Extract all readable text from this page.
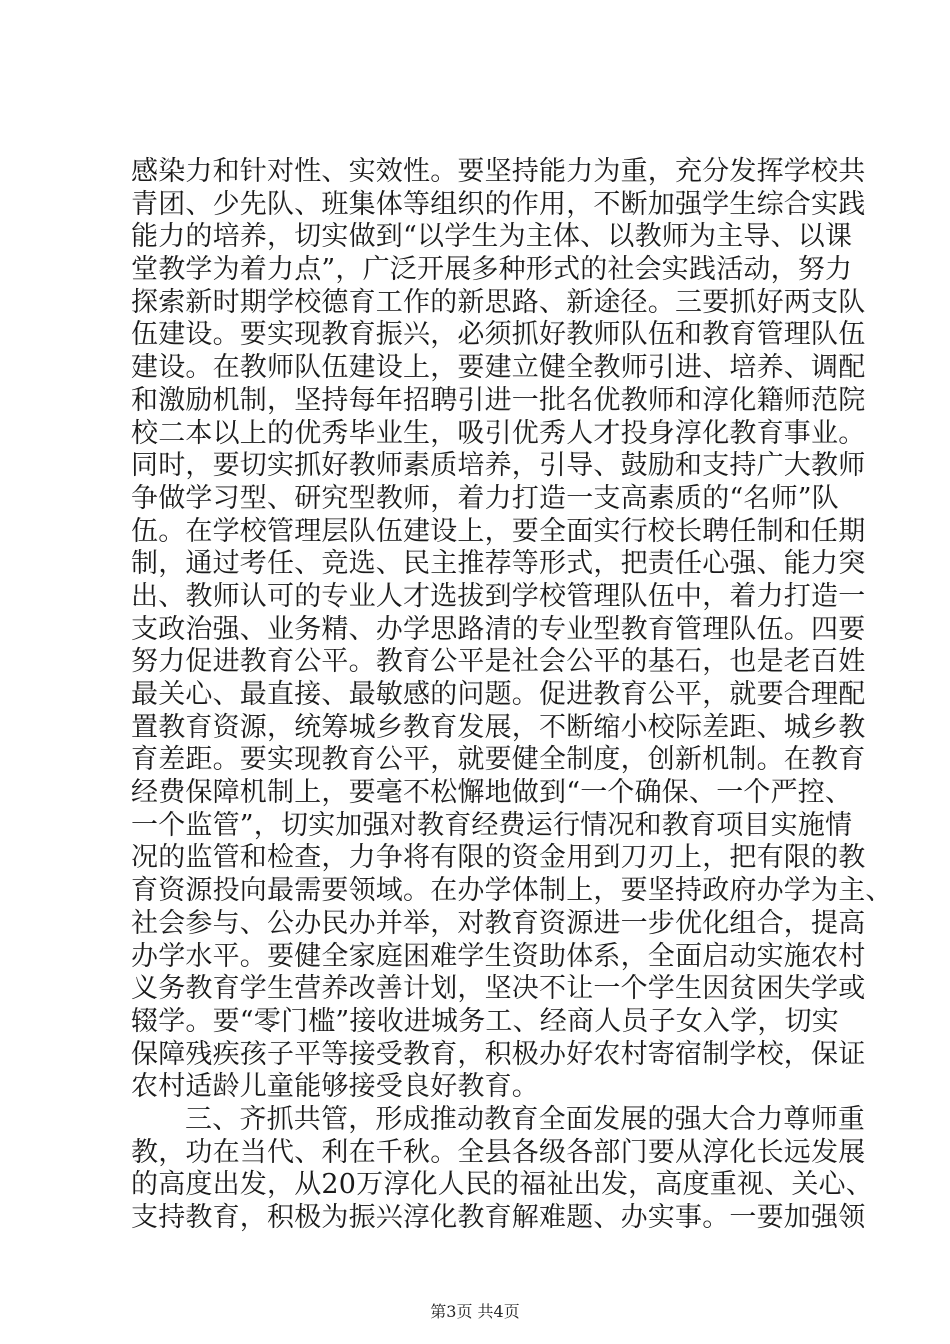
感染力和针对性、实效性。要坚持能力为重，充分发挥学校共
青团、少先队、班集体等组织的作用，不断加强学生综合实践
能力的培养，切实做到“以学生为主体、以教师为主导、以课
堂教学为着力点”，广泛开展多种形式的社会实践活动，努力
探索新时期学校德育工作的新思路、新途径。三要抓好两支队
伍建设。要实现教育振兴，必须抓好教师队伍和教育管理队伍
建设。在教师队伍建设上，要建立健全教师引进、培养、调配
和激励机制，坚持每年招聘引进一批名优教师和淳化籍师范院
校二本以上的优秀毕业生，吸引优秀人才投身淳化教育事业。
同时，要切实抓好教师素质培养，引导、鼓励和支持广大教师
争做学习型、研究型教师，着力打造一支高素质的“名师”队
伍。在学校管理层队伍建设上，要全面实行校长聘任制和任期
制，通过考任、竞选、民主推荐等形式，把责任心强、能力突
出、教师认可的专业人才选拔到学校管理队伍中，着力打造一
支政治强、业务精、办学思路清的专业型教育管理队伍。四要
努力促进教育公平。教育公平是社会公平的基石，也是老百姓
最关心、最直接、最敏感的问题。促进教育公平，就要合理配
置教育资源，统筹城乡教育发展，不断缩小校际差距、城乡教
育差距。要实现教育公平，就要健全制度，创新机制。在教育
经费保障机制上，要毫不松懈地做到“一个确保、一个严控、
一个监管”，切实加强对教育经费运行情况和教育项目实施情
况的监管和检查，力争将有限的资金用到刀刃上，把有限的教
育资源投向最需要领域。在办学体制上，要坚持政府办学为主、
社会参与、公办民办并举，对教育资源进一步优化组合，提高
办学水平。要健全家庭困难学生资助体系，全面启动实施农村
义务教育学生营养改善计划，坚决不让一个学生因贫困失学或
辍学。要“零门槛”接收进城务工、经商人员子女入学，切实
保障残疾孩子平等接受教育，积极办好农村寄宿制学校，保证
农村适龄儿童能够接受良好教育。
三、齐抓共管，形成推动教育全面发展的强大合力尊师重
教，功在当代、利在千秋。全县各级各部门要从淳化长远发展
的高度出发，从20万淳化人民的福祉出发，高度重视、关心、
支持教育，积极为振兴淳化教育解难题、办实事。一要加强领
第3页 共4页
